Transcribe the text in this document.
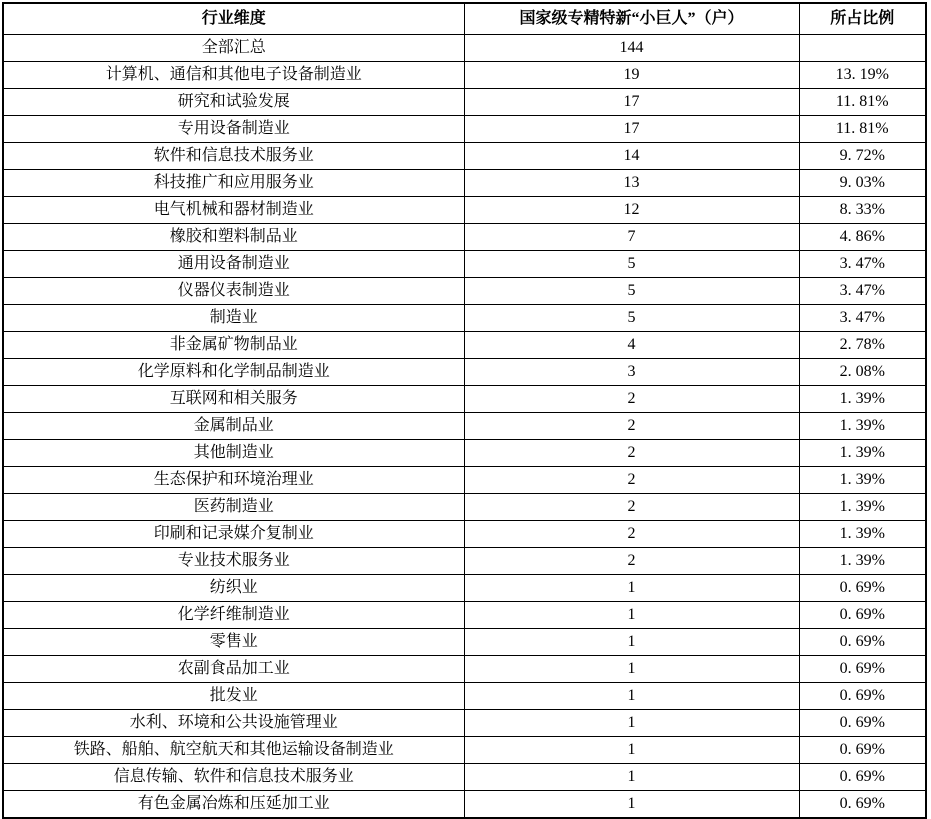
行业维度	国家级专精特新“小巨人”（户）	所占比例
全部汇总	144	
计算机、通信和其他电子设备制造业	19	13. 19%
研究和试验发展	17	11. 81%
专用设备制造业	17	11. 81%
软件和信息技术服务业	14	9. 72%
科技推广和应用服务业	13	9. 03%
电气机械和器材制造业	12	8. 33%
橡胶和塑料制品业	7	4. 86%
通用设备制造业	5	3. 47%
仪器仪表制造业	5	3. 47%
制造业	5	3. 47%
非金属矿物制品业	4	2. 78%
化学原料和化学制品制造业	3	2. 08%
互联网和相关服务	2	1. 39%
金属制品业	2	1. 39%
其他制造业	2	1. 39%
生态保护和环境治理业	2	1. 39%
医药制造业	2	1. 39%
印刷和记录媒介复制业	2	1. 39%
专业技术服务业	2	1. 39%
纺织业	1	0. 69%
化学纤维制造业	1	0. 69%
零售业	1	0. 69%
农副食品加工业	1	0. 69%
批发业	1	0. 69%
水利、环境和公共设施管理业	1	0. 69%
铁路、船舶、航空航天和其他运输设备制造业	1	0. 69%
信息传输、软件和信息技术服务业	1	0. 69%
有色金属冶炼和压延加工业	1	0. 69%
